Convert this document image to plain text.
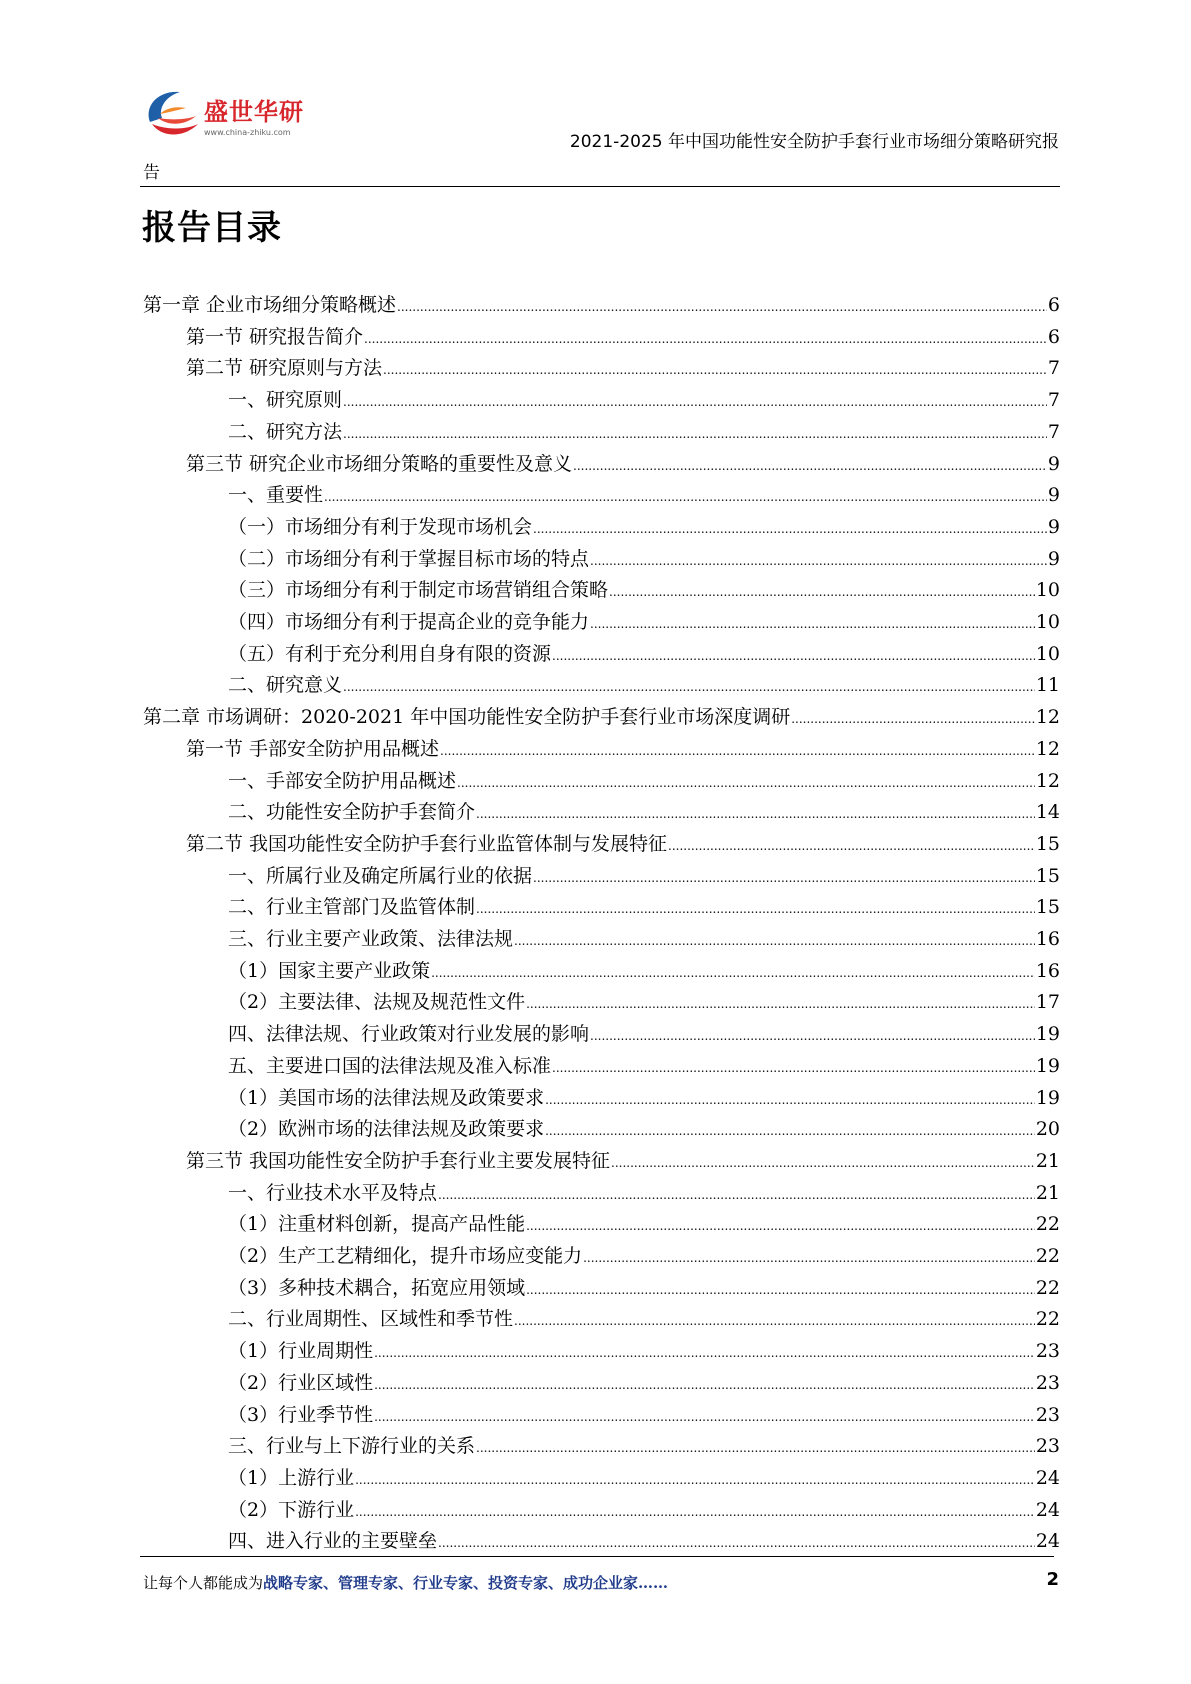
盛世华研
www.china-zhiku.com	2021-2025 年中国功能性安全防护手套行业市场细分策略研究报
告
报告目录
第一章 企业市场细分策略概述 .....	6
第一节 研究报告简介 .....	6
第二节 研究原则与方法 .....	7
一、研究原则 .....	7
二、研究方法 .....	7
第三节 研究企业市场细分策略的重要性及意义 .....	9
一、重要性 .....	9
（一）市场细分有利于发现市场机会 .....	9
（二）市场细分有利于掌握目标市场的特点 .....	9
（三）市场细分有利于制定市场营销组合策略 .....	10
（四）市场细分有利于提高企业的竞争能力 .....	10
（五）有利于充分利用自身有限的资源 .....	10
二、研究意义 .....	11
第二章 市场调研：2020-2021 年中国功能性安全防护手套行业市场深度调研 .....	12
第一节 手部安全防护用品概述 .....	12
一、手部安全防护用品概述 .....	12
二、功能性安全防护手套简介 .....	14
第二节 我国功能性安全防护手套行业监管体制与发展特征 .....	15
一、所属行业及确定所属行业的依据 .....	15
二、行业主管部门及监管体制 .....	15
三、行业主要产业政策、法律法规 .....	16
（1）国家主要产业政策 .....	16
（2）主要法律、法规及规范性文件 .....	17
四、法律法规、行业政策对行业发展的影响 .....	19
五、主要进口国的法律法规及准入标准 .....	19
（1）美国市场的法律法规及政策要求 .....	19
（2）欧洲市场的法律法规及政策要求 .....	20
第三节 我国功能性安全防护手套行业主要发展特征 .....	21
一、行业技术水平及特点 .....	21
（1）注重材料创新，提高产品性能 .....	22
（2）生产工艺精细化，提升市场应变能力 .....	22
（3）多种技术耦合，拓宽应用领域 .....	22
二、行业周期性、区域性和季节性 .....	22
（1）行业周期性 .....	23
（2）行业区域性 .....	23
（3）行业季节性 .....	23
三、行业与上下游行业的关系 .....	23
（1）上游行业 .....	24
（2）下游行业 .....	24
四、进入行业的主要壁垒 .....	24
让每个人都能成为战略专家、管理专家、行业专家、投资专家、成功企业家……	2
